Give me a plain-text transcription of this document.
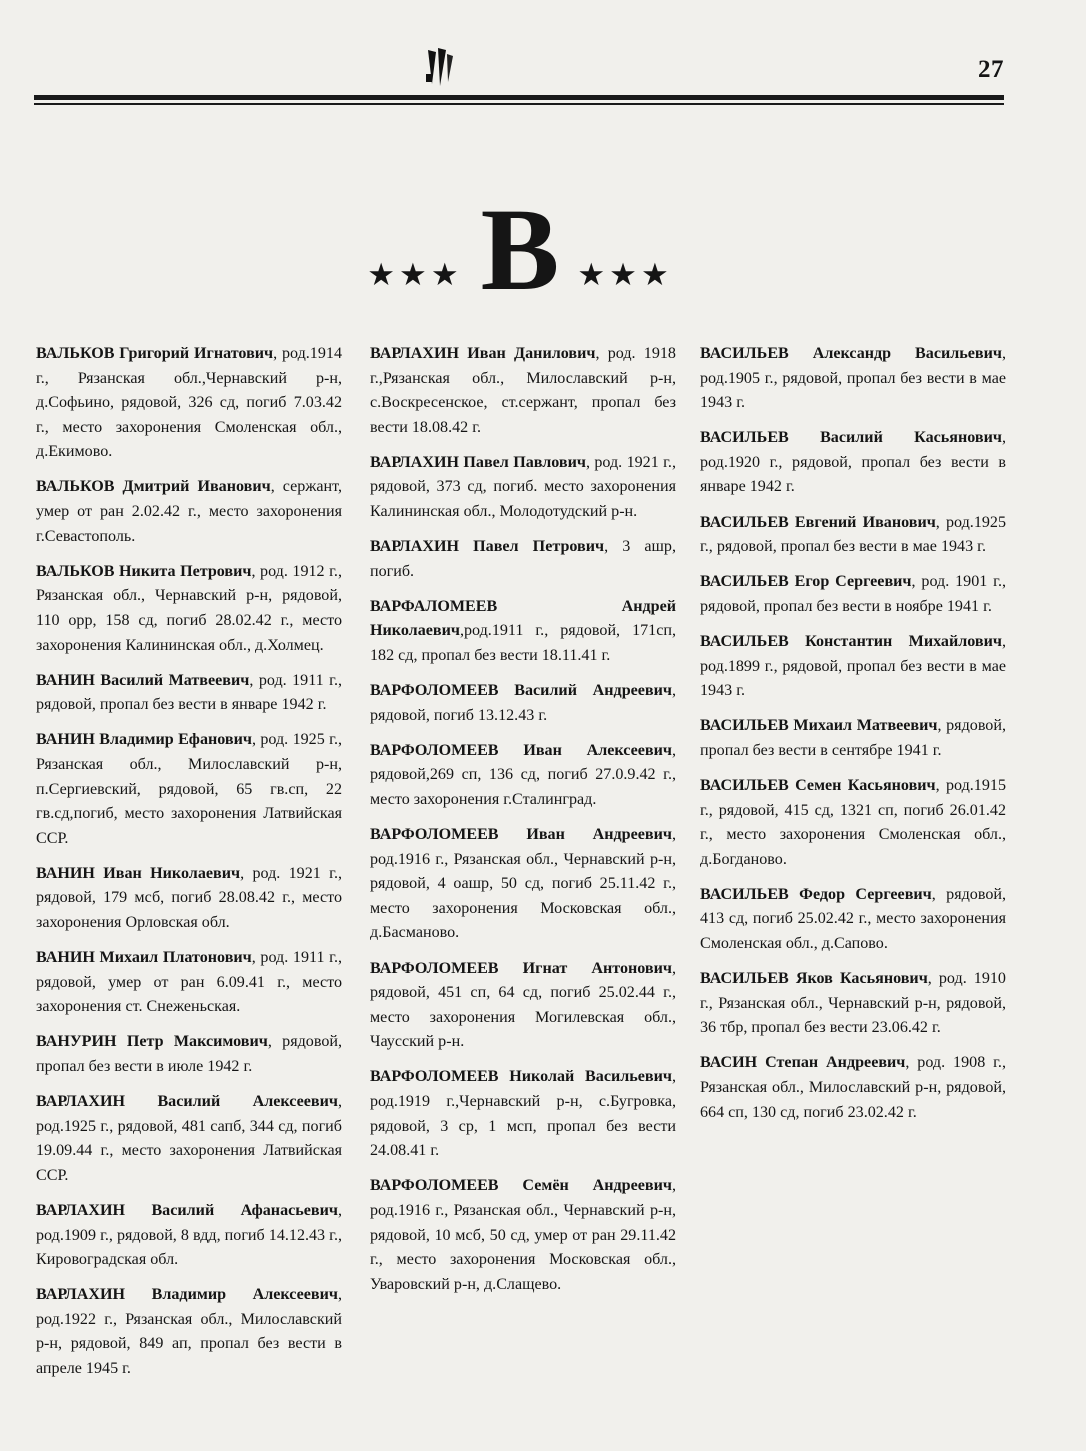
27
★★★ В ★★★

ВАЛЬКОВ Григорий Игнатович, род.1914 г., Рязанская обл.,Чернавский р-н, д.Софьино, рядовой, 326 сд, погиб 7.03.42 г., место захоронения Смоленская обл., д.Екимово.

ВАЛЬКОВ Дмитрий Иванович, сержант, умер от ран 2.02.42 г., место захоронения г.Севастополь.

ВАЛЬКОВ Никита Петрович, род. 1912 г., Рязанская обл., Чернавский р-н, рядовой, 110 орр, 158 сд, погиб 28.02.42 г., место захоронения Калининская обл., д.Холмец.

ВАНИН Василий Матвеевич, род. 1911 г., рядовой, пропал без вести в январе 1942 г.

ВАНИН Владимир Ефанович, род. 1925 г., Рязанская обл., Милославский р-н, п.Сергиевский, рядовой, 65 гв.сп, 22 гв.сд,погиб, место захоронения Латвийская ССР.

ВАНИН Иван Николаевич, род. 1921 г., рядовой, 179 мсб, погиб 28.08.42 г., место захоронения Орловская обл.

ВАНИН Михаил Платонович, род. 1911 г., рядовой, умер от ран 6.09.41 г., место захоронения ст. Снеженьская.

ВАНУРИН Петр Максимович, рядовой, пропал без вести в июле 1942 г.

ВАРЛАХИН Василий Алексеевич, род.1925 г., рядовой, 481 сапб, 344 сд, погиб 19.09.44 г., место захоронения Латвийская ССР.

ВАРЛАХИН Василий Афанасьевич, род.1909 г., рядовой, 8 вдд, погиб 14.12.43 г., Кировоградская обл.

ВАРЛАХИН Владимир Алексеевич, род.1922 г., Рязанская обл., Милославский р-н, рядовой, 849 ап, пропал без вести в апреле 1945 г.

ВАРЛАХИН Иван Данилович, род. 1918 г.,Рязанская обл., Милославский р-н, с.Воскресенское, ст.сержант, пропал без вести 18.08.42 г.

ВАРЛАХИН Павел Павлович, род. 1921 г., рядовой, 373 сд, погиб. место захоронения Калининская обл., Молодотудский р-н.

ВАРЛАХИН Павел Петрович, 3 ашр, погиб.

ВАРФАЛОМЕЕВ Андрей Николаевич,род.1911 г., рядовой, 171сп, 182 сд, пропал без вести 18.11.41 г.

ВАРФОЛОМЕЕВ Василий Андреевич, рядовой, погиб 13.12.43 г.

ВАРФОЛОМЕЕВ Иван Алексеевич, рядовой,269 сп, 136 сд, погиб 27.0.9.42 г., место захоронения г.Сталинград.

ВАРФОЛОМЕЕВ Иван Андреевич, род.1916 г., Рязанская обл., Чернавский р-н, рядовой, 4 оашр, 50 сд, погиб 25.11.42 г., место захоронения Московская обл., д.Басманово.

ВАРФОЛОМЕЕВ Игнат Антонович, рядовой, 451 сп, 64 сд, погиб 25.02.44 г., место захоронения Могилевская обл., Чаусский р-н.

ВАРФОЛОМЕЕВ Николай Васильевич, род.1919 г.,Чернавский р-н, с.Бугровка, рядовой, 3 ср, 1 мсп, пропал без вести 24.08.41 г.

ВАРФОЛОМЕЕВ Семён Андреевич, род.1916 г., Рязанская обл., Чернавский р-н, рядовой, 10 мсб, 50 сд, умер от ран 29.11.42 г., место захоронения Московская обл., Уваровский р-н, д.Слащево.

ВАСИЛЬЕВ Александр Васильевич, род.1905 г., рядовой, пропал без вести в мае 1943 г.

ВАСИЛЬЕВ Василий Касьянович, род.1920 г., рядовой, пропал без вести в январе 1942 г.

ВАСИЛЬЕВ Евгений Иванович, род.1925 г., рядовой, пропал без вести в мае 1943 г.

ВАСИЛЬЕВ Егор Сергеевич, род. 1901 г., рядовой, пропал без вести в ноябре 1941 г.

ВАСИЛЬЕВ Константин Михайлович, род.1899 г., рядовой, пропал без вести в мае 1943 г.

ВАСИЛЬЕВ Михаил Матвеевич, рядовой, пропал без вести в сентябре 1941 г.

ВАСИЛЬЕВ Семен Касьянович, род.1915 г., рядовой, 415 сд, 1321 сп, погиб 26.01.42 г., место захоронения Смоленская обл., д.Богданово.

ВАСИЛЬЕВ Федор Сергеевич, рядовой, 413 сд, погиб 25.02.42 г., место захоронения Смоленская обл., д.Сапово.

ВАСИЛЬЕВ Яков Касьянович, род. 1910 г., Рязанская обл., Чернавский р-н, рядовой, 36 тбр, пропал без вести 23.06.42 г.

ВАСИН Степан Андреевич, род. 1908 г., Рязанская обл., Милославский р-н, рядовой, 664 сп, 130 сд, погиб 23.02.42 г.
